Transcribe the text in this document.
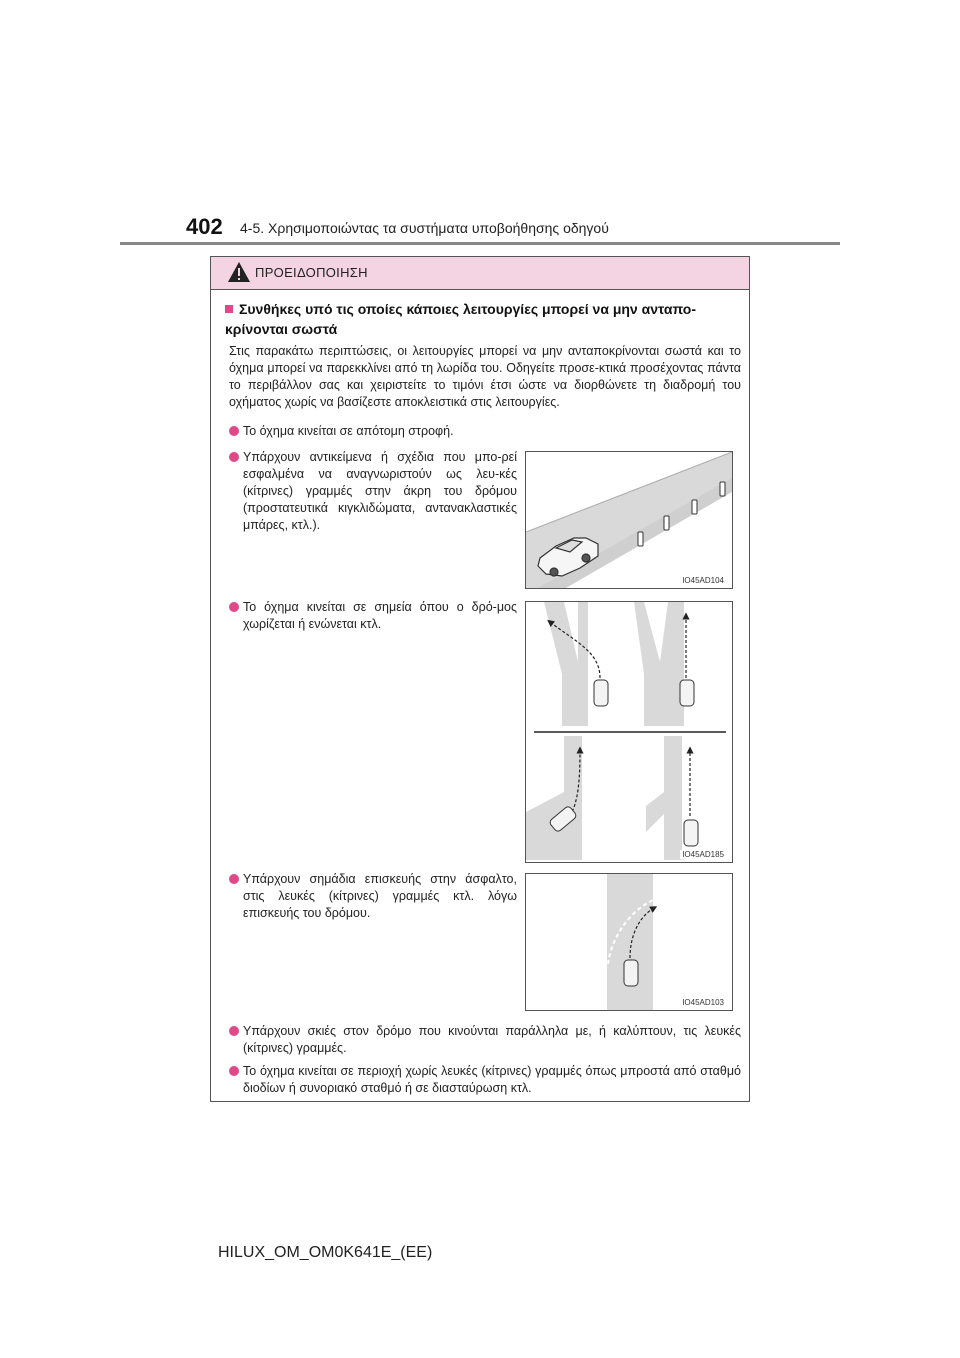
402 4-5. Χρησιμοποιώντας τα συστήματα υποβοήθησης οδηγού
ΠΡΟΕΙΔΟΠΟΙΗΣΗ
Συνθήκες υπό τις οποίες κάποιες λειτουργίες μπορεί να μην ανταπο-κρίνονται σωστά
Στις παρακάτω περιπτώσεις, οι λειτουργίες μπορεί να μην ανταποκρίνονται σωστά και το όχημα μπορεί να παρεκκλίνει από τη λωρίδα του. Οδηγείτε προσε-κτικά προσέχοντας πάντα το περιβάλλον σας και χειριστείτε το τιμόνι έτσι ώστε να διορθώνετε τη διαδρομή του οχήματος χωρίς να βασίζεστε αποκλειστικά στις λειτουργίες.
Το όχημα κινείται σε απότομη στροφή.
Υπάρχουν αντικείμενα ή σχέδια που μπο-ρεί εσφαλμένα να αναγνωριστούν ως λευ-κές (κίτρινες) γραμμές στην άκρη του δρόμου (προστατευτικά κιγκλιδώματα, αντανακλαστικές μπάρες, κτλ.).
IO45AD104
Το όχημα κινείται σε σημεία όπου ο δρό-μος χωρίζεται ή ενώνεται κτλ.
IO45AD185
Υπάρχουν σημάδια επισκευής στην άσφαλτο, στις λευκές (κίτρινες) γραμμές κτλ. λόγω επισκευής του δρόμου.
IO45AD103
Υπάρχουν σκιές στον δρόμο που κινούνται παράλληλα με, ή καλύπτουν, τις λευκές (κίτρινες) γραμμές.
Το όχημα κινείται σε περιοχή χωρίς λευκές (κίτρινες) γραμμές όπως μπροστά από σταθμό διοδίων ή συνοριακό σταθμό ή σε διασταύρωση κτλ.
HILUX_OM_OM0K641E_(EE)
